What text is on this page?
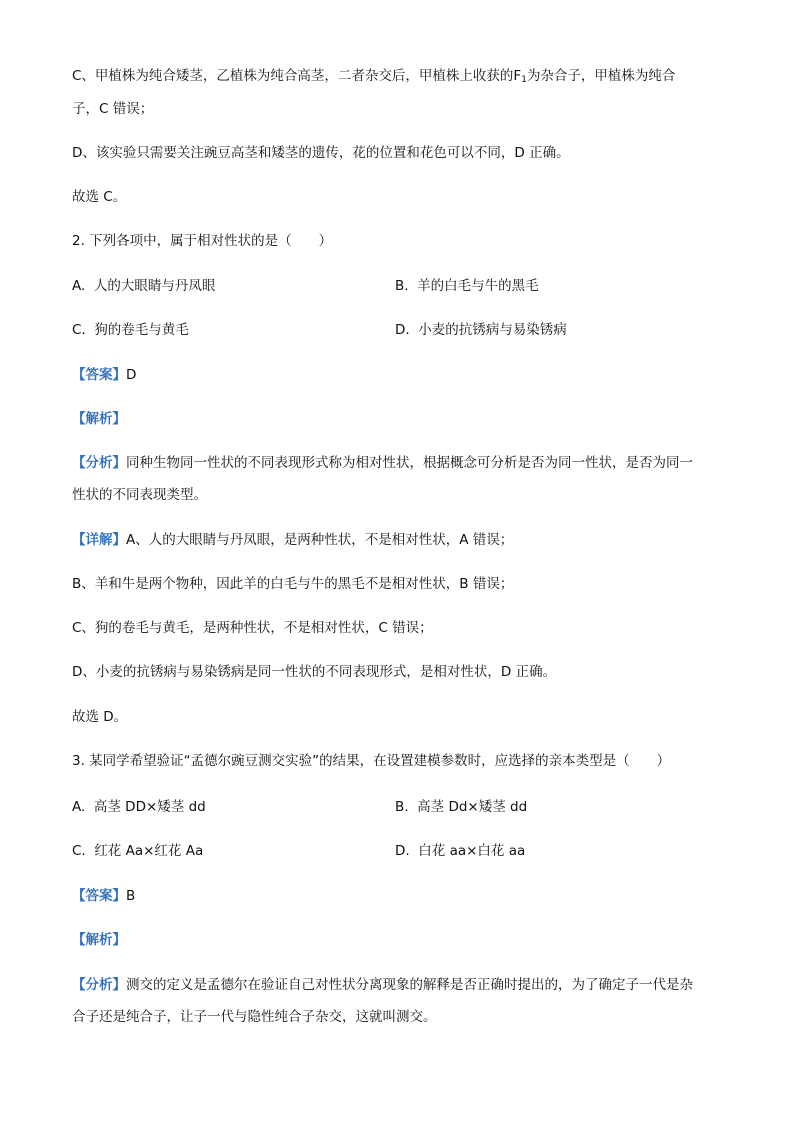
C、甲植株为纯合矮茎，乙植株为纯合高茎，二者杂交后，甲植株上收获的$F_1$为杂合子，甲植株为纯合
子，C 错误；
D、该实验只需要关注豌豆高茎和矮茎的遗传，花的位置和花色可以不同，D 正确。
故选 C。
2. 下列各项中，属于相对性状的是（　　）
A. 人的大眼睛与丹凤眼	B. 羊的白毛与牛的黑毛
C. 狗的卷毛与黄毛	D. 小麦的抗锈病与易染锈病
【答案】D
【解析】
【分析】同种生物同一性状的不同表现形式称为相对性状，根据概念可分析是否为同一性状，是否为同一
性状的不同表现类型。
【详解】A、人的大眼睛与丹凤眼，是两种性状，不是相对性状，A 错误；
B、羊和牛是两个物种，因此羊的白毛与牛的黑毛不是相对性状，B 错误；
C、狗的卷毛与黄毛，是两种性状，不是相对性状，C 错误；
D、小麦的抗锈病与易染锈病是同一性状的不同表现形式，是相对性状，D 正确。
故选 D。
3. 某同学希望验证“孟德尔豌豆测交实验”的结果，在设置建模参数时，应选择的亲本类型是（　　）
A. 高茎 DD×矮茎 dd	B. 高茎 Dd×矮茎 dd
C. 红花 Aa×红花 Aa	D. 白花 aa×白花 aa
【答案】B
【解析】
【分析】测交的定义是孟德尔在验证自己对性状分离现象的解释是否正确时提出的，为了确定子一代是杂
合子还是纯合子，让子一代与隐性纯合子杂交，这就叫测交。
